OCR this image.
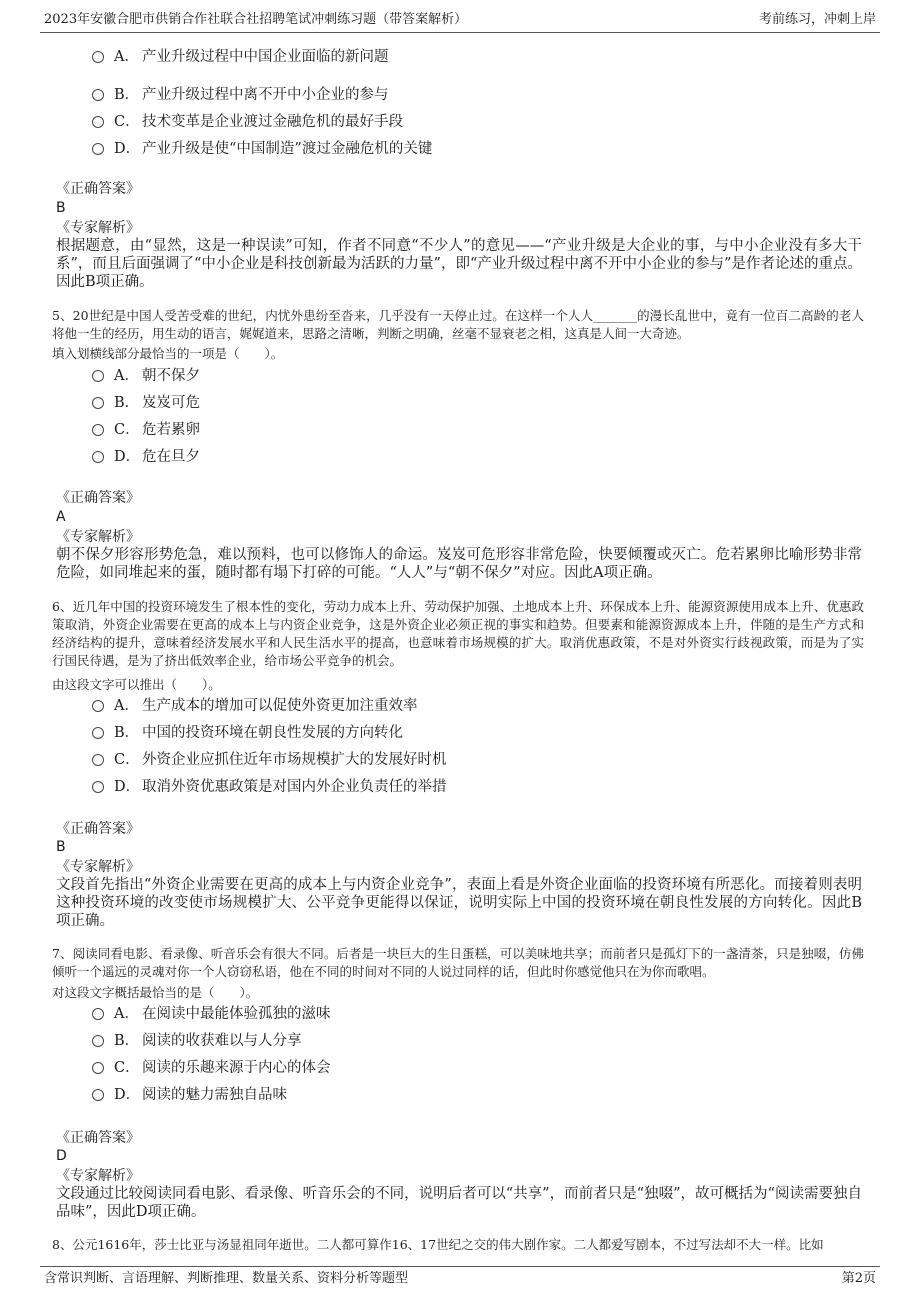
2023年安徽合肥市供销合作社联合社招聘笔试冲刺练习题（带答案解析）	考前练习，冲刺上岸
A． 产业升级过程中中国企业面临的新问题
B． 产业升级过程中离不开中小企业的参与
C． 技术变革是企业渡过金融危机的最好手段
D． 产业升级是使“中国制造”渡过金融危机的关键
《正确答案》
B
《专家解析》
根据题意，由“显然，这是一种误读”可知，作者不同意“不少人”的意见——“产业升级是大企业的事，与中小企业没有多大干系”，而且后面强调了“中小企业是科技创新最为活跃的力量”，即“产业升级过程中离不开中小企业的参与”是作者论述的重点。因此B项正确。
5、20世纪是中国人受苦受难的世纪，内忧外患纷至沓来，几乎没有一天停止过。在这样一个人人_______的漫长乱世中，竟有一位百二高龄的老人将他一生的经历，用生动的语言，娓娓道来，思路之清晰，判断之明确，丝毫不显衰老之相，这真是人间一大奇迹。
填入划横线部分最恰当的一项是（　　）。
A． 朝不保夕
B． 岌岌可危
C． 危若累卵
D． 危在旦夕
《正确答案》
A
《专家解析》
朝不保夕形容形势危急，难以预料，也可以修饰人的命运。岌岌可危形容非常危险，快要倾覆或灭亡。危若累卵比喻形势非常危险，如同堆起来的蛋，随时都有塌下打碎的可能。“人人”与“朝不保夕”对应。因此A项正确。
6、近几年中国的投资环境发生了根本性的变化，劳动力成本上升、劳动保护加强、土地成本上升、环保成本上升、能源资源使用成本上升、优惠政策取消，外资企业需要在更高的成本上与内资企业竞争，这是外资企业必须正视的事实和趋势。但要素和能源资源成本上升，伴随的是生产方式和经济结构的提升，意味着经济发展水平和人民生活水平的提高，也意味着市场规模的扩大。取消优惠政策，不是对外资实行歧视政策，而是为了实行国民待遇，是为了挤出低效率企业，给市场公平竞争的机会。
由这段文字可以推出（　　）。
A． 生产成本的增加可以促使外资更加注重效率
B． 中国的投资环境在朝良性发展的方向转化
C． 外资企业应抓住近年市场规模扩大的发展好时机
D． 取消外资优惠政策是对国内外企业负责任的举措
《正确答案》
B
《专家解析》
文段首先指出“外资企业需要在更高的成本上与内资企业竞争”，表面上看是外资企业面临的投资环境有所恶化。而接着则表明这种投资环境的改变使市场规模扩大、公平竞争更能得以保证，说明实际上中国的投资环境在朝良性发展的方向转化。因此B项正确。
7、阅读同看电影、看录像、听音乐会有很大不同。后者是一块巨大的生日蛋糕，可以美味地共享；而前者只是孤灯下的一盏清茶，只是独啜，仿佛倾听一个遥远的灵魂对你一个人窃窃私语，他在不同的时间对不同的人说过同样的话，但此时你感觉他只在为你而歌唱。
对这段文字概括最恰当的是（　　）。
A． 在阅读中最能体验孤独的滋味
B． 阅读的收获难以与人分享
C． 阅读的乐趣来源于内心的体会
D． 阅读的魅力需独自品味
《正确答案》
D
《专家解析》
文段通过比较阅读同看电影、看录像、听音乐会的不同，说明后者可以“共享”，而前者只是“独啜”，故可概括为“阅读需要独自品味”，因此D项正确。
8、公元1616年，莎士比亚与汤显祖同年逝世。二人都可算作16、17世纪之交的伟大剧作家。二人都爱写剧本，不过写法却不大一样。比如
含常识判断、言语理解、判断推理、数量关系、资料分析等题型	第2页
